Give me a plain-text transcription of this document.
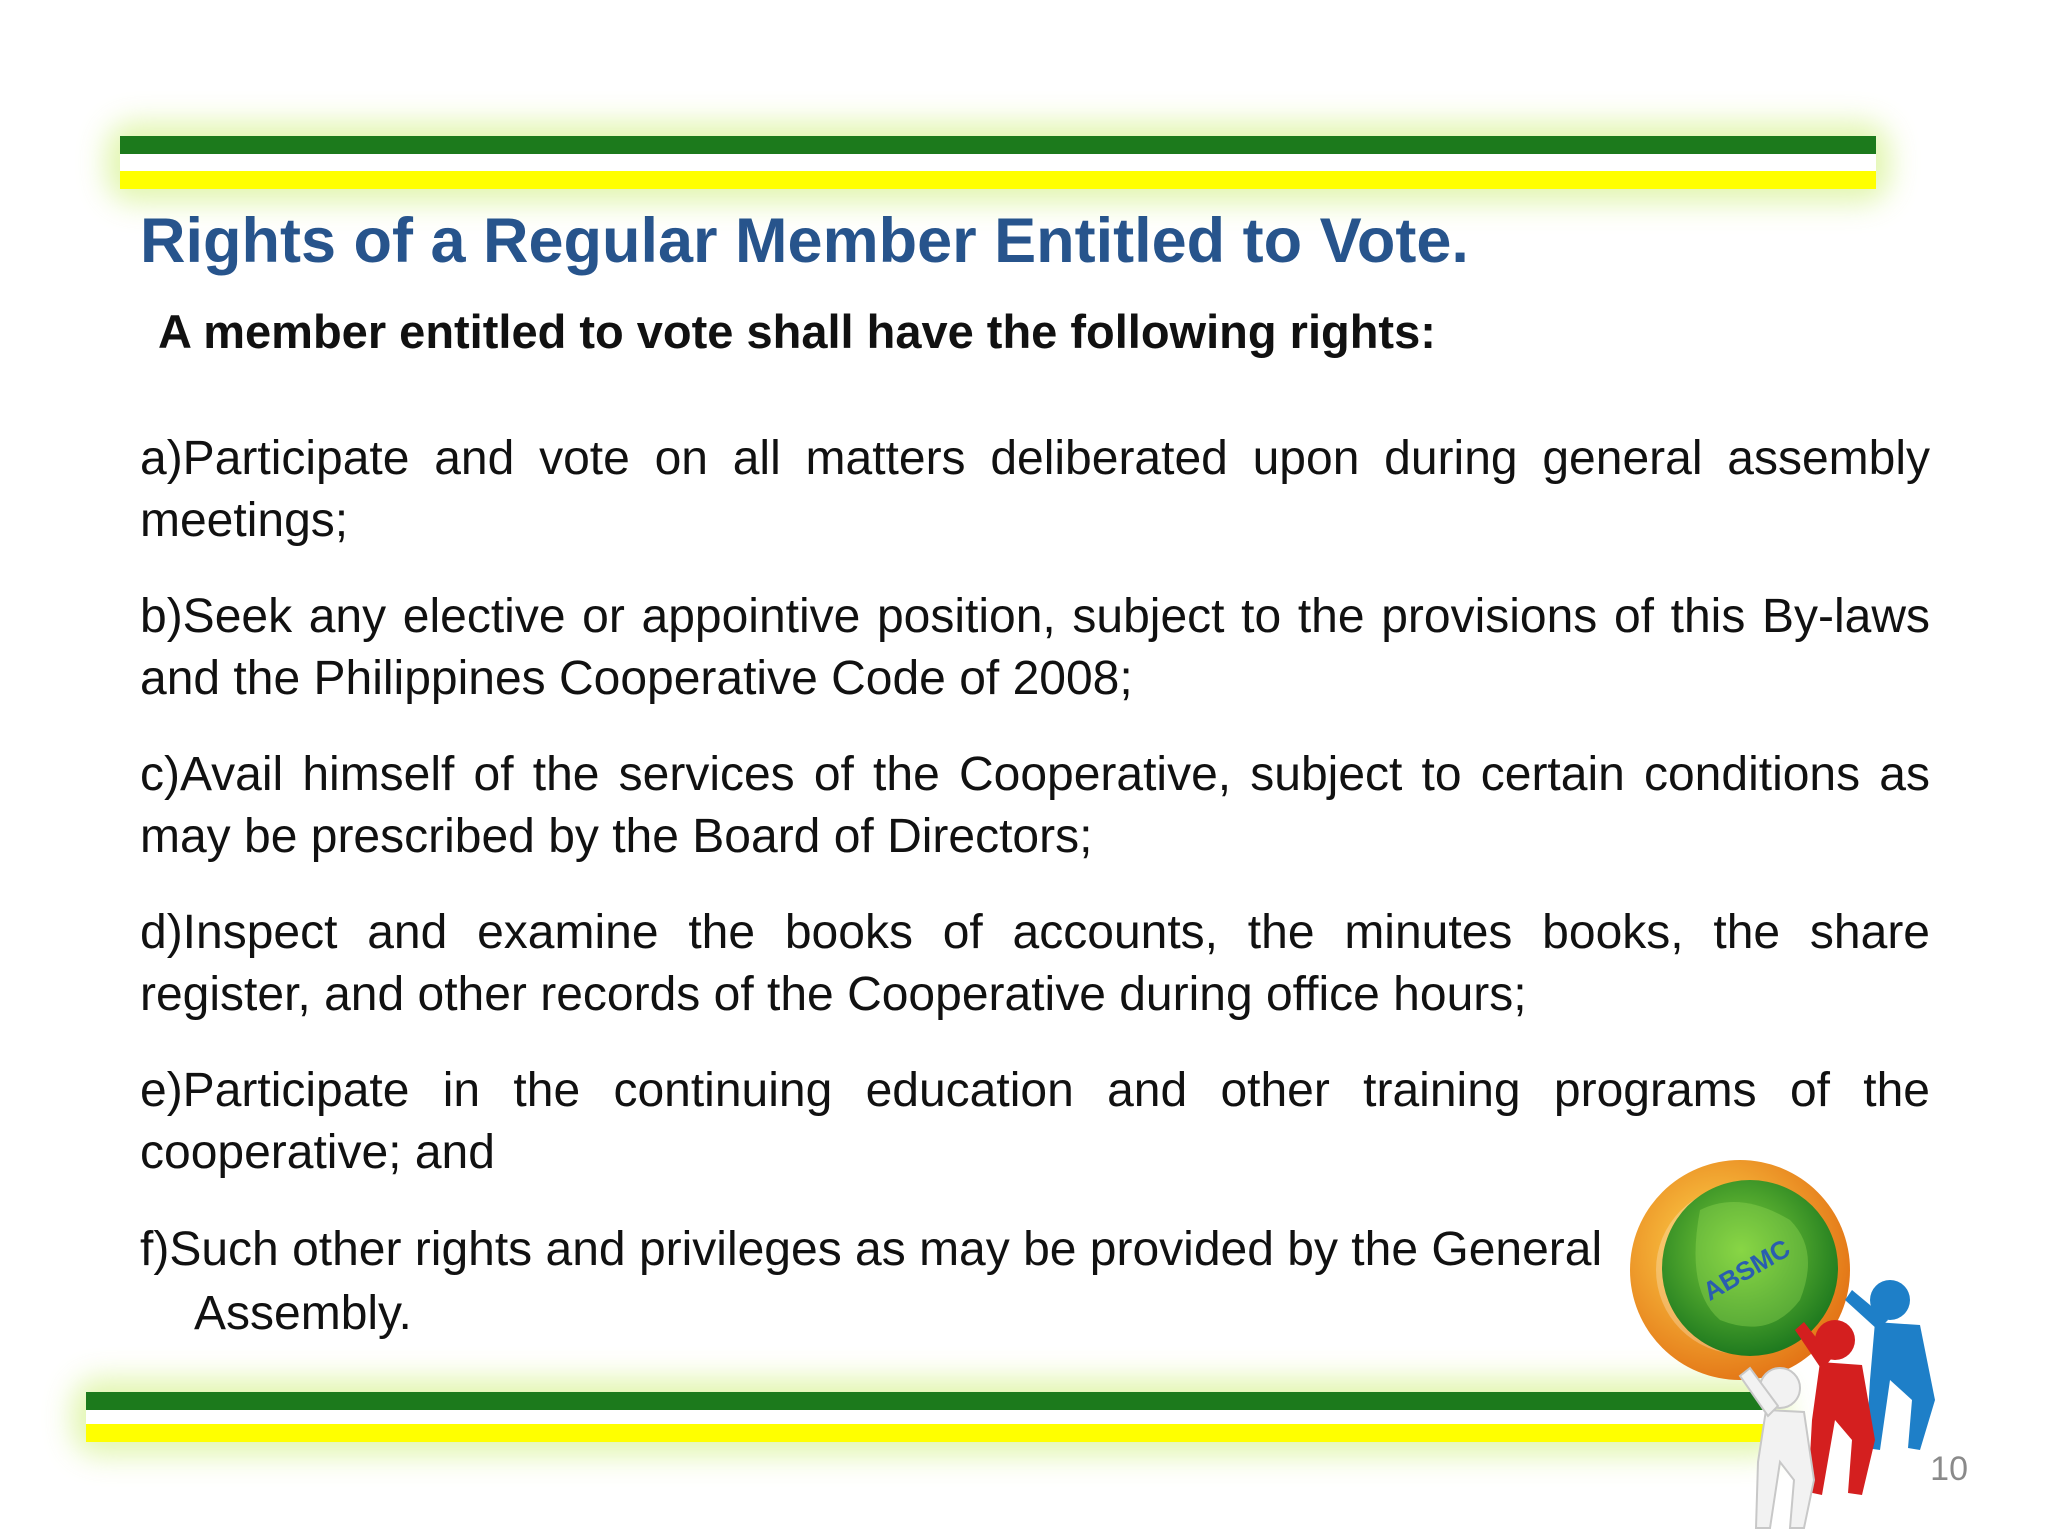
Rights of a Regular Member Entitled to Vote.

A member entitled to vote shall have the following rights:

a)Participate and vote on all matters deliberated upon during general assembly meetings;
b)Seek any elective or appointive position, subject to the provisions of this By-laws and the Philippines Cooperative Code of 2008;
c)Avail himself of the services of the Cooperative, subject to certain conditions as may be prescribed by the Board of Directors;
d)Inspect and examine the books of accounts, the minutes books, the share register, and other records of the Cooperative during office hours;
e)Participate in the continuing education and other training programs of the cooperative; and
f)Such other rights and privileges as may be provided by the General
Assembly.
ABSMC

10
